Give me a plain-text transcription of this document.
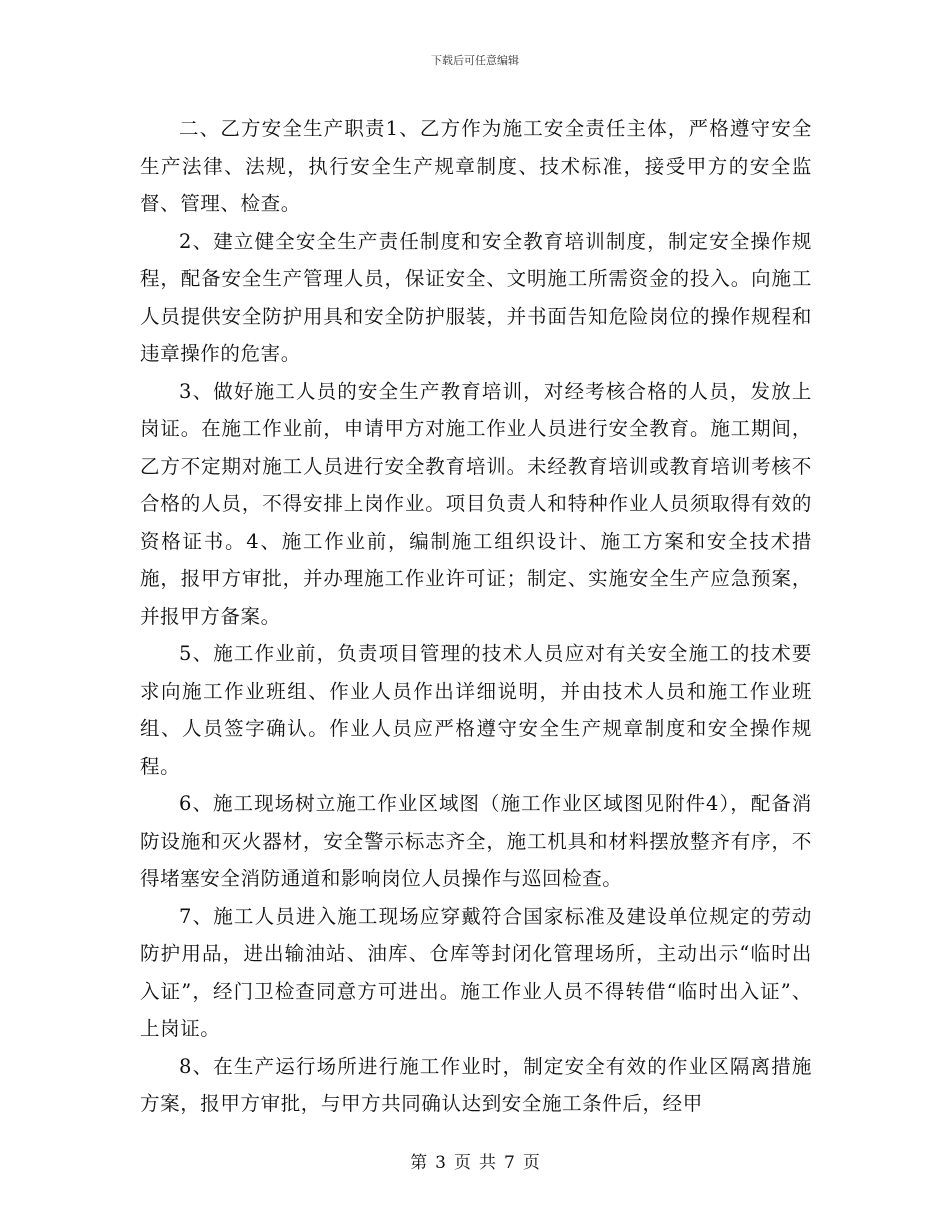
下载后可任意编辑

二、乙方安全生产职责1、乙方作为施工安全责任主体，严格遵守安全生产法律、法规，执行安全生产规章制度、技术标准，接受甲方的安全监督、管理、检查。

2、建立健全安全生产责任制度和安全教育培训制度，制定安全操作规程，配备安全生产管理人员，保证安全、文明施工所需资金的投入。向施工人员提供安全防护用具和安全防护服装，并书面告知危险岗位的操作规程和违章操作的危害。

3、做好施工人员的安全生产教育培训，对经考核合格的人员，发放上岗证。在施工作业前，申请甲方对施工作业人员进行安全教育。施工期间，乙方不定期对施工人员进行安全教育培训。未经教育培训或教育培训考核不合格的人员，不得安排上岗作业。项目负责人和特种作业人员须取得有效的资格证书。4、施工作业前，编制施工组织设计、施工方案和安全技术措施，报甲方审批，并办理施工作业许可证；制定、实施安全生产应急预案，并报甲方备案。

5、施工作业前，负责项目管理的技术人员应对有关安全施工的技术要求向施工作业班组、作业人员作出详细说明，并由技术人员和施工作业班组、人员签字确认。作业人员应严格遵守安全生产规章制度和安全操作规程。

6、施工现场树立施工作业区域图（施工作业区域图见附件4），配备消防设施和灭火器材，安全警示标志齐全，施工机具和材料摆放整齐有序，不得堵塞安全消防通道和影响岗位人员操作与巡回检查。

7、施工人员进入施工现场应穿戴符合国家标准及建设单位规定的劳动防护用品，进出输油站、油库、仓库等封闭化管理场所，主动出示“临时出入证”，经门卫检查同意方可进出。施工作业人员不得转借“临时出入证”、上岗证。

8、在生产运行场所进行施工作业时，制定安全有效的作业区隔离措施方案，报甲方审批，与甲方共同确认达到安全施工条件后，经甲

第 3 页 共 7 页
